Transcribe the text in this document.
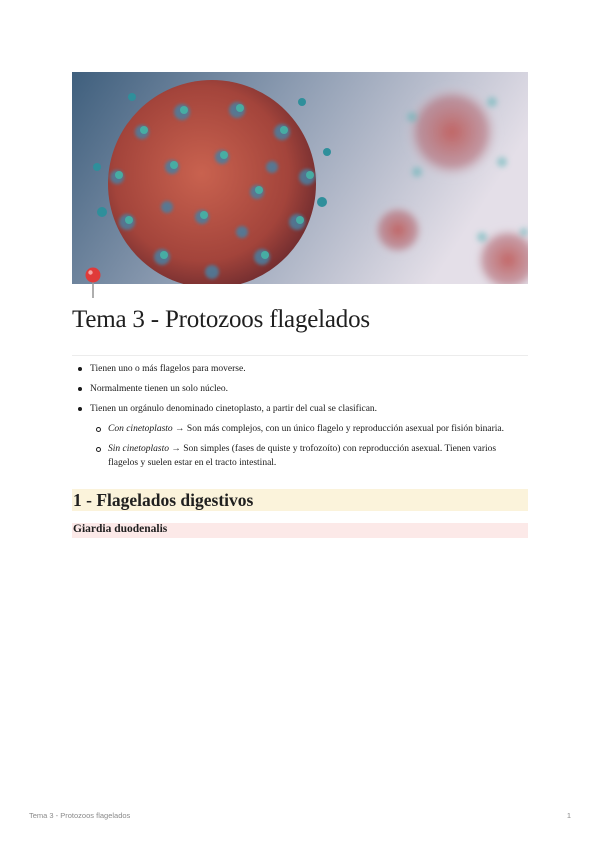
Tema 3 - Protozoos flagelados
Tienen uno o más flagelos para moverse.
Normalmente tienen un solo núcleo.
Tienen un orgánulo denominado cinetoplasto, a partir del cual se clasifican.
Con cinetoplasto → Son más complejos, con un único flagelo y reproducción asexual por fisión binaria.
Sin cinetoplasto → Son simples (fases de quiste y trofozoíto) con reproducción asexual. Tienen varios flagelos y suelen estar en el tracto intestinal.
1 - Flagelados digestivos
Giardia duodenalis
Tema 3 - Protozoos flagelados	1
